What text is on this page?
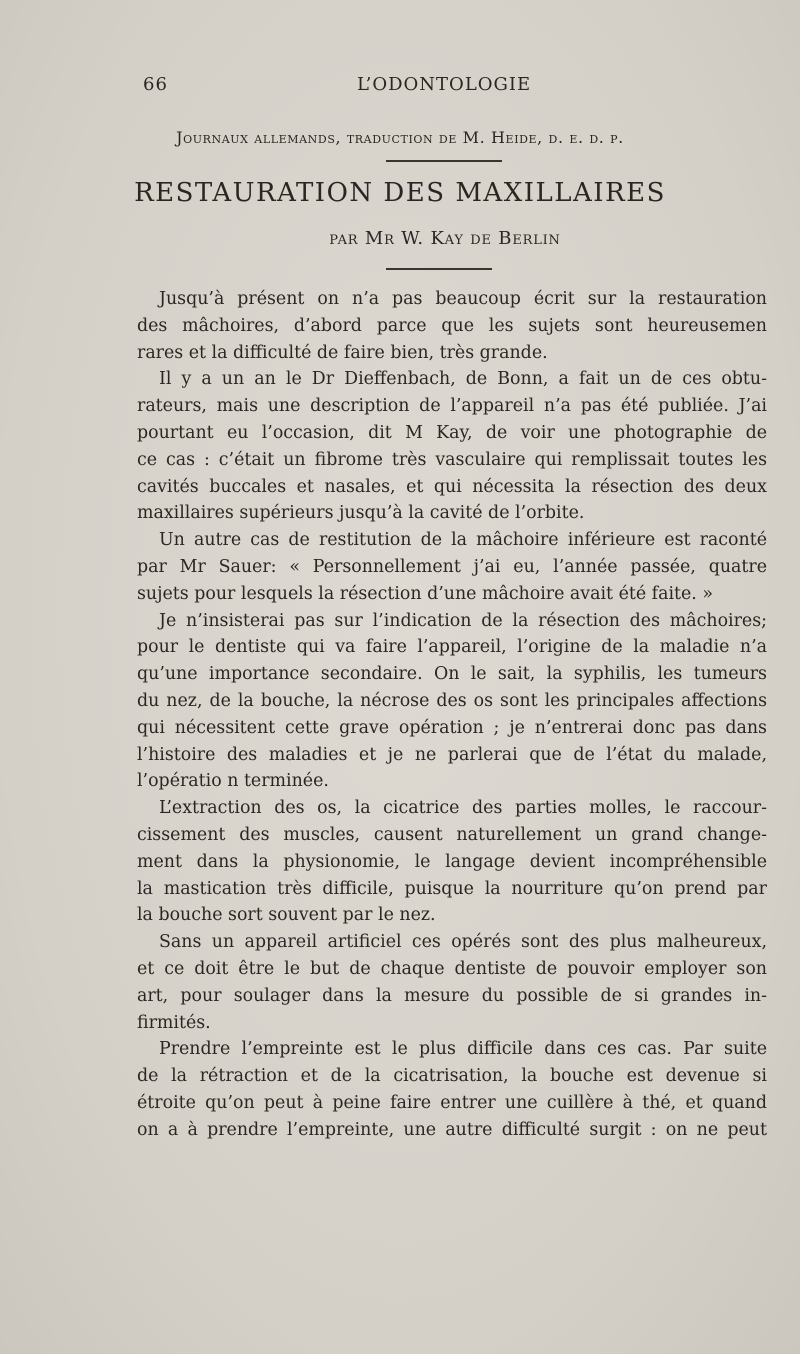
66	L’ODONTOLOGIE
Journaux allemands, traduction de M. Heide, d. e. d. p.
RESTAURATION DES MAXILLAIRES
par Mr W. Kay de Berlin
Jusqu’à présent on n’a pas beaucoup écrit sur la restauration
des mâchoires, d’abord parce que les sujets sont heureusemen
rares et la difficulté de faire bien, très grande.
Il y a un an le Dr Dieffenbach, de Bonn, a fait un de ces obtu-
rateurs, mais une description de l’appareil n’a pas été publiée. J’ai
pourtant eu l’occasion, dit M Kay, de voir une photographie de
ce cas : c’était un fibrome très vasculaire qui remplissait toutes les
cavités buccales et nasales, et qui nécessita la résection des deux
maxillaires supérieurs jusqu’à la cavité de l’orbite.
Un autre cas de restitution de la mâchoire inférieure est raconté
par Mr Sauer: « Personnellement j’ai eu, l’année passée, quatre
sujets pour lesquels la résection d’une mâchoire avait été faite. »
Je n’insisterai pas sur l’indication de la résection des mâchoires;
pour le dentiste qui va faire l’appareil, l’origine de la maladie n’a
qu’une importance secondaire. On le sait, la syphilis, les tumeurs
du nez, de la bouche, la nécrose des os sont les principales affections
qui nécessitent cette grave opération ; je n’entrerai donc pas dans
l’histoire des maladies et je ne parlerai que de l’état du malade,
l’opératio n terminée.
L’extraction des os, la cicatrice des parties molles, le raccour-
cissement des muscles, causent naturellement un grand change-
ment dans la physionomie, le langage devient incompréhensible
la mastication très difficile, puisque la nourriture qu’on prend par
la bouche sort souvent par le nez.
Sans un appareil artificiel ces opérés sont des plus malheureux,
et ce doit être le but de chaque dentiste de pouvoir employer son
art, pour soulager dans la mesure du possible de si grandes in-
firmités.
Prendre l’empreinte est le plus difficile dans ces cas. Par suite
de la rétraction et de la cicatrisation, la bouche est devenue si
étroite qu’on peut à peine faire entrer une cuillère à thé, et quand
on a à prendre l’empreinte, une autre difficulté surgit : on ne peut
